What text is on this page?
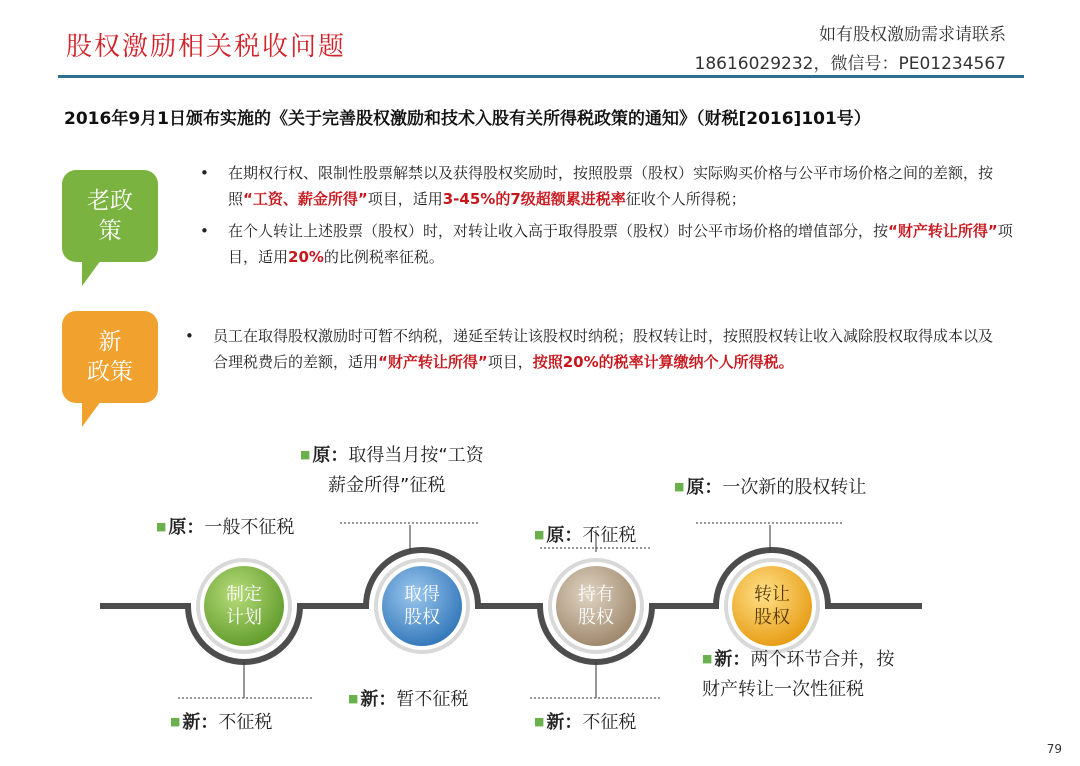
股权激励相关税收问题	如有股权激励需求请联系
18616029232，微信号：PE01234567
2016年9月1日颁布实施的《关于完善股权激励和技术入股有关所得税政策的通知》（财税[2016]101号）
老政
策
• 在期权行权、限制性股票解禁以及获得股权奖励时，按照股票（股权）实际购买价格与公平市场价格之间的差额，按照“工资、薪金所得”项目，适用3-45%的7级超额累进税率征收个人所得税；
• 在个人转让上述股票（股权）时，对转让收入高于取得股票（股权）时公平市场价格的增值部分，按“财产转让所得”项目，适用20%的比例税率征税。
新
政策
• 员工在取得股权激励时可暂不纳税，递延至转让该股权时纳税；股权转让时，按照股权转让收入减除股权取得成本以及合理税费后的差额，适用“财产转让所得”项目，按照20%的税率计算缴纳个人所得税。
制定
计划
取得
股权
持有
股权
转让
股权
■ 原：一般不征税
■ 原：取得当月按“工资
薪金所得”征税
■ 原：不征税
■ 原：一次新的股权转让
■ 新：不征税
■ 新：暂不征税
■ 新：不征税
■ 新：两个环节合并，按
财产转让一次性征税
79
